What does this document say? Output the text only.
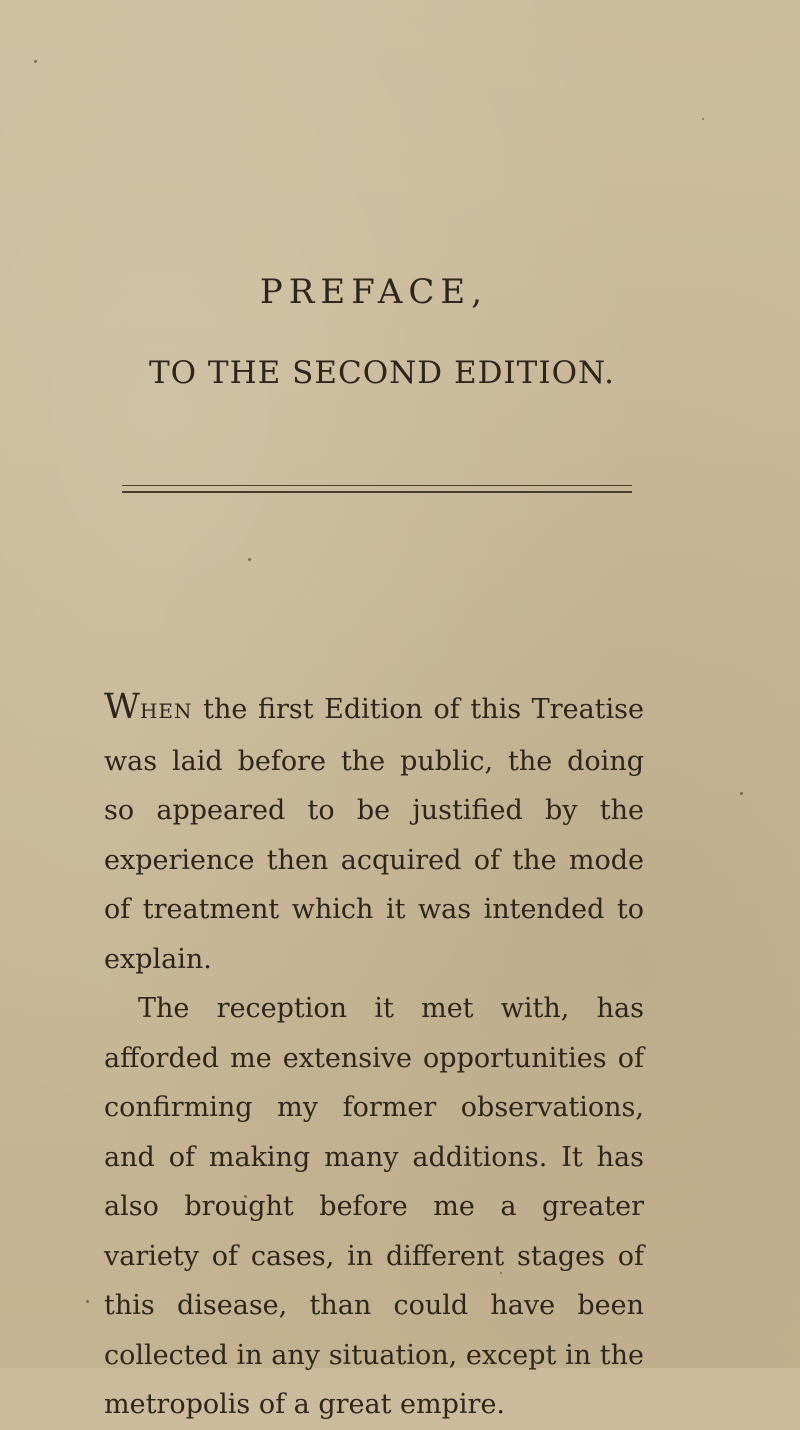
PREFACE,
TO THE SECOND EDITION.

WHEN the first Edition of this Treatise was laid before the public, the doing so appeared to be justified by the experience then acquired of the mode of treatment which it was intended to explain.

The reception it met with, has afforded me extensive opportunities of confirming my former observations, and of making many additions. It has also brought before me a greater variety of cases, in different stages of this disease, than could have been collected in any situation, except in the metropolis of a great empire.
